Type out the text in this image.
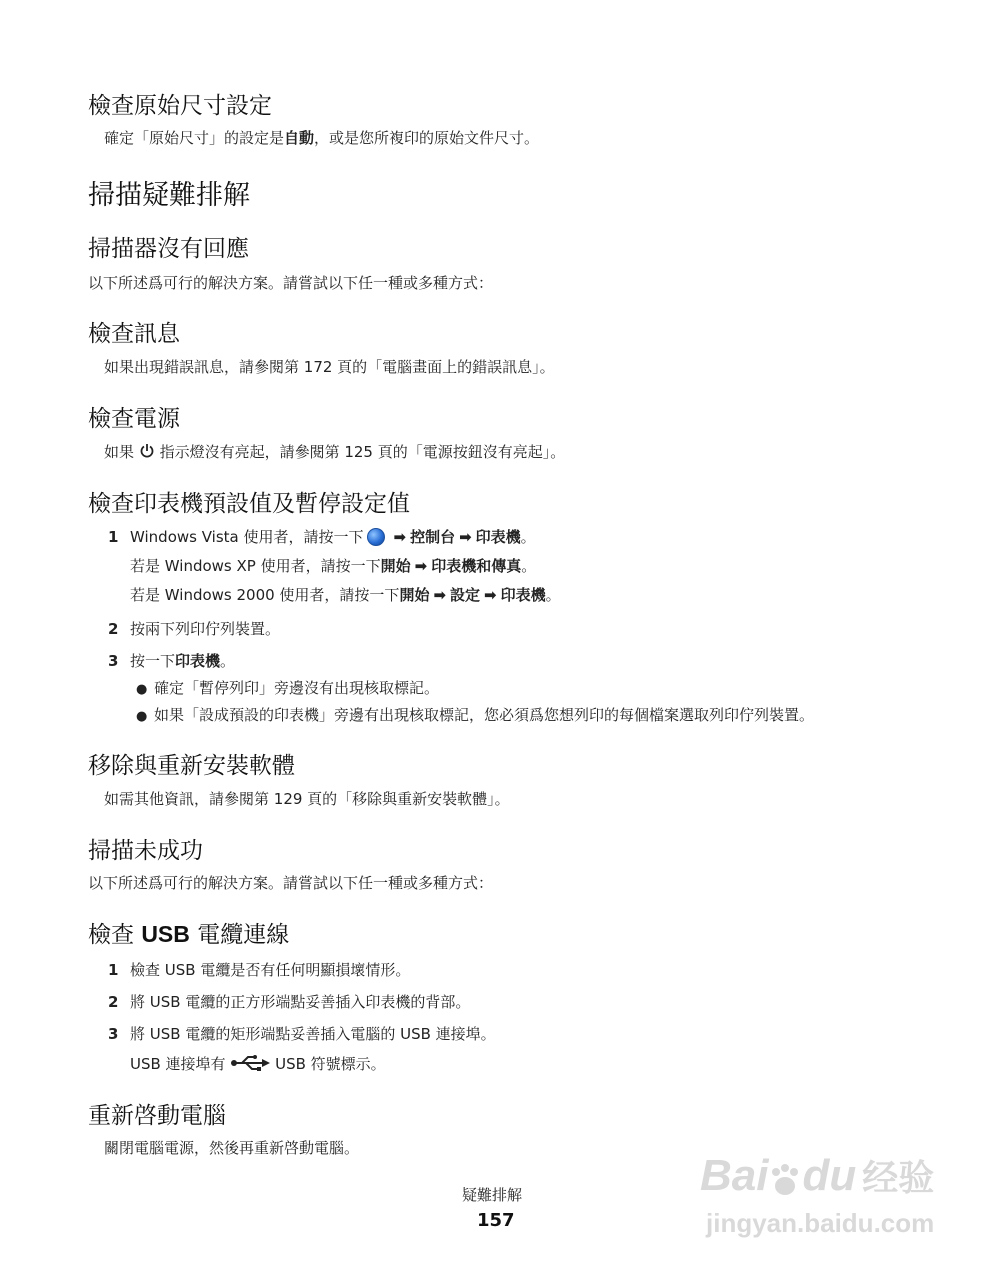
檢查原始尺寸設定
確定「原始尺寸」的設定是自動，或是您所複印的原始文件尺寸。
掃描疑難排解
掃描器沒有回應
以下所述爲可行的解決方案。請嘗試以下任一種或多種方式：
檢查訊息
如果出現錯誤訊息，請參閱第 172 頁的「電腦畫面上的錯誤訊息」。
檢查電源
如果 指示燈沒有亮起，請參閱第 125 頁的「電源按鈕沒有亮起」。
檢查印表機預設值及暫停設定值
1 Windows Vista 使用者，請按一下 ➡ 控制台 ➡ 印表機。
若是 Windows XP 使用者，請按一下開始 ➡ 印表機和傳真。
若是 Windows 2000 使用者，請按一下開始 ➡ 設定 ➡ 印表機。
2 按兩下列印佇列裝置。
3 按一下印表機。
● 確定「暫停列印」旁邊沒有出現核取標記。
● 如果「設成預設的印表機」旁邊有出現核取標記，您必須爲您想列印的每個檔案選取列印佇列裝置。
移除與重新安裝軟體
如需其他資訊，請參閱第 129 頁的「移除與重新安裝軟體」。
掃描未成功
以下所述爲可行的解決方案。請嘗試以下任一種或多種方式：
檢查 USB 電纜連線
1 檢查 USB 電纜是否有任何明顯損壞情形。
2 將 USB 電纜的正方形端點妥善插入印表機的背部。
3 將 USB 電纜的矩形端點妥善插入電腦的 USB 連接埠。
USB 連接埠有	USB 符號標示。
重新啓動電腦
關閉電腦電源，然後再重新啓動電腦。
疑難排解
157
Bai du 经验
jingyan.baidu.com
